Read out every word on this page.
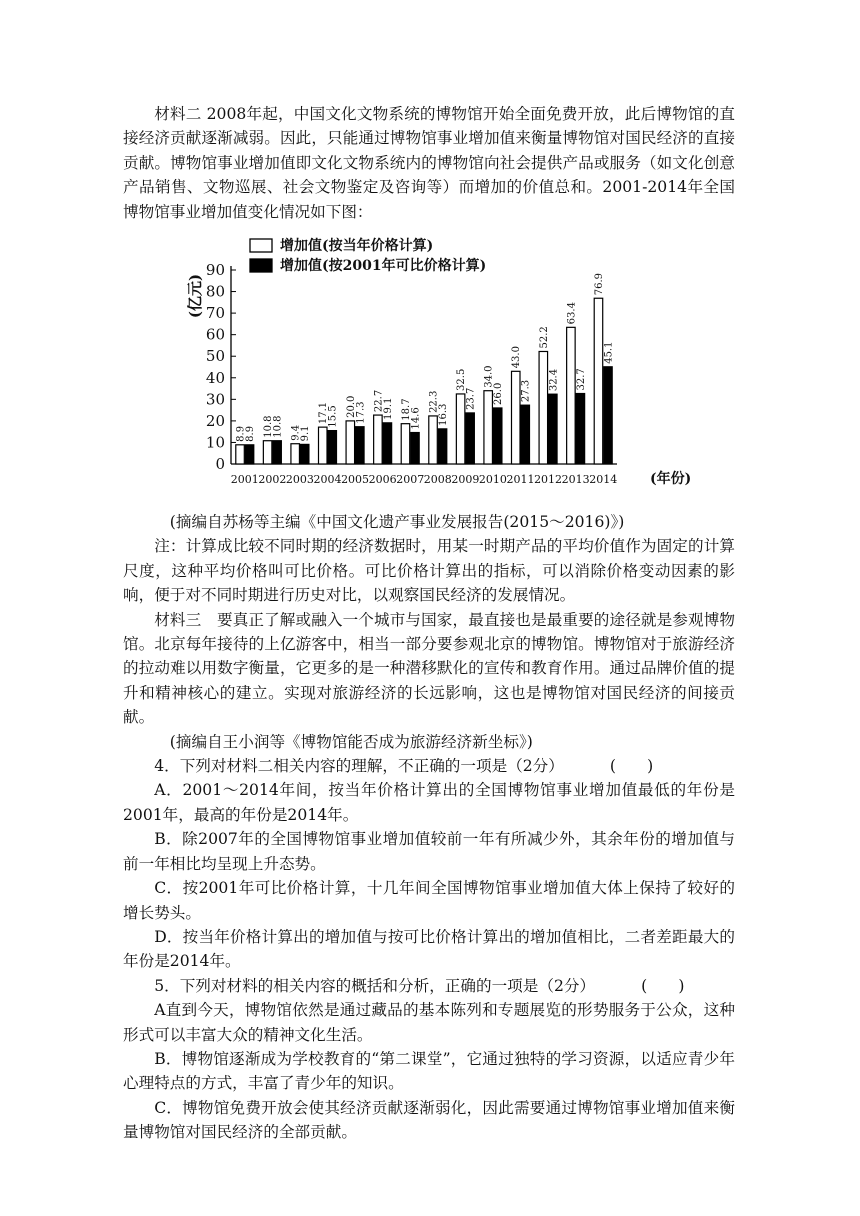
材料二 2008年起，中国文化文物系统的博物馆开始全面免费开放，此后博物馆的直接经济贡献逐渐减弱。因此，只能通过博物馆事业增加值来衡量博物馆对国民经济的直接贡献。博物馆事业增加值即文化文物系统内的博物馆向社会提供产品或服务（如文化创意产品销售、文物巡展、社会文物鉴定及咨询等）而增加的价值总和。2001-2014年全国博物馆事业增加值变化情况如下图：

增加值(按当年价格计算)
增加值(按2001年可比价格计算)
(亿元)
(年份)
0
10
20
30
40
50
60
70
80
90
2001 2002 2003 2004 2005 2006 2007 2008 2009 2010 2011 2012 2013 2014
8.9
8.9 10.8
10.8 9.4
9.1
17.1
15.5 20.0
17.3
22.7
19.1 18.7
14.6
22.3
16.3
32.5
23.7
34.0
26.0
43.0
27.3
52.2
32.4
63.4
32.7
76.9
45.1

(摘编自苏杨等主编《中国文化遗产事业发展报告(2015～2016)》)

注：计算成比较不同时期的经济数据时，用某一时期产品的平均价值作为固定的计算尺度，这种平均价格叫可比价格。可比价格计算出的指标，可以消除价格变动因素的影响，便于对不同时期进行历史对比，以观察国民经济的发展情况。

材料三　要真正了解或融入一个城市与国家，最直接也是最重要的途径就是参观博物馆。北京每年接待的上亿游客中，相当一部分要参观北京的博物馆。博物馆对于旅游经济的拉动难以用数字衡量，它更多的是一种潜移默化的宣传和教育作用。通过品牌价值的提升和精神核心的建立。实现对旅游经济的长远影响，这也是博物馆对国民经济的间接贡献。

(摘编自王小润等《博物馆能否成为旅游经济新坐标》)

4．下列对材料二相关内容的理解，不正确的一项是（2分）	(　　)

A．2001～2014年间，按当年价格计算出的全国博物馆事业增加值最低的年份是2001年，最高的年份是2014年。

B．除2007年的全国博物馆事业增加值较前一年有所减少外，其余年份的增加值与前一年相比均呈现上升态势。

C．按2001年可比价格计算，十几年间全国博物馆事业增加值大体上保持了较好的增长势头。

D．按当年价格计算出的增加值与按可比价格计算出的增加值相比，二者差距最大的年份是2014年。

5．下列对材料的相关内容的概括和分析，正确的一项是（2分）	(　　)

A直到今天，博物馆依然是通过藏品的基本陈列和专题展览的形势服务于公众，这种形式可以丰富大众的精神文化生活。

B．博物馆逐渐成为学校教育的“第二课堂”，它通过独特的学习资源，以适应青少年心理特点的方式，丰富了青少年的知识。

C．博物馆免费开放会使其经济贡献逐渐弱化，因此需要通过博物馆事业增加值来衡量博物馆对国民经济的全部贡献。
